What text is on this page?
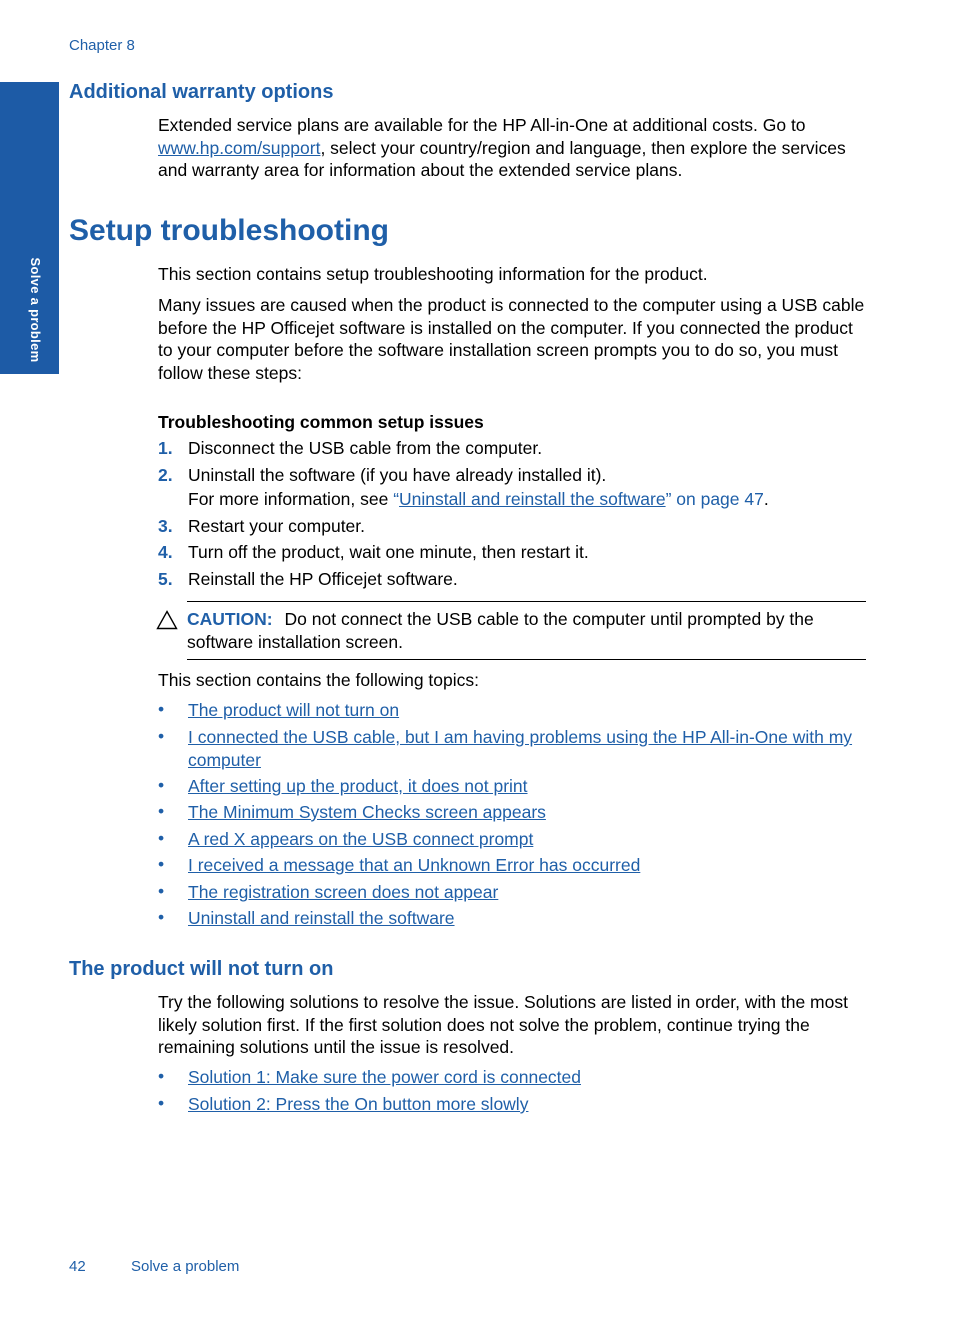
Chapter 8
Solve a problem
Additional warranty options
Extended service plans are available for the HP All-in-One at additional costs. Go to www.hp.com/support, select your country/region and language, then explore the services and warranty area for information about the extended service plans.
Setup troubleshooting
This section contains setup troubleshooting information for the product.
Many issues are caused when the product is connected to the computer using a USB cable before the HP Officejet software is installed on the computer. If you connected the product to your computer before the software installation screen prompts you to do so, you must follow these steps:
Troubleshooting common setup issues
1. Disconnect the USB cable from the computer.
2. Uninstall the software (if you have already installed it).
For more information, see “Uninstall and reinstall the software” on page 47.
3. Restart your computer.
4. Turn off the product, wait one minute, then restart it.
5. Reinstall the HP Officejet software.
CAUTION: Do not connect the USB cable to the computer until prompted by the software installation screen.
This section contains the following topics:
• The product will not turn on
• I connected the USB cable, but I am having problems using the HP All-in-One with my computer
• After setting up the product, it does not print
• The Minimum System Checks screen appears
• A red X appears on the USB connect prompt
• I received a message that an Unknown Error has occurred
• The registration screen does not appear
• Uninstall and reinstall the software
The product will not turn on
Try the following solutions to resolve the issue. Solutions are listed in order, with the most likely solution first. If the first solution does not solve the problem, continue trying the remaining solutions until the issue is resolved.
• Solution 1: Make sure the power cord is connected
• Solution 2: Press the On button more slowly
42	Solve a problem
